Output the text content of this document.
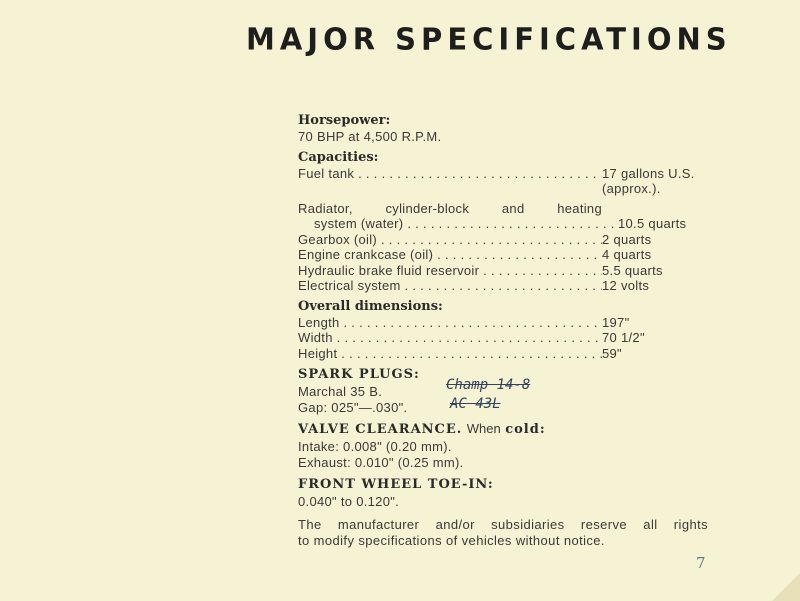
MAJOR SPECIFICATIONS
Horsepower:
70 BHP at 4,500 R.P.M.
Capacities:
Fuel tank . . .	17 gallons U.S.
(approx.).
Radiator, cylinder-block and heating
system (water) . . .	10.5 quarts
Gearbox (oil) . . .	2 quarts
Engine crankcase (oil) . . .	4 quarts
Hydraulic brake fluid reservoir . . .	5.5 quarts
Electrical system . . .	12 volts
Overall dimensions:
Length . . .	197"
Width . . .	70 1/2"
Height . . .	59"
SPARK PLUGS:
Marchal 35 B.
Gap: 025"—.030".
Champ 14-8
AC 43L
VALVE CLEARANCE. When cold:
Intake: 0.008" (0.20 mm).
Exhaust: 0.010" (0.25 mm).
FRONT WHEEL TOE-IN:
0.040" to 0.120".
The manufacturer and/or subsidiaries reserve all rights
to modify specifications of vehicles without notice.
7
